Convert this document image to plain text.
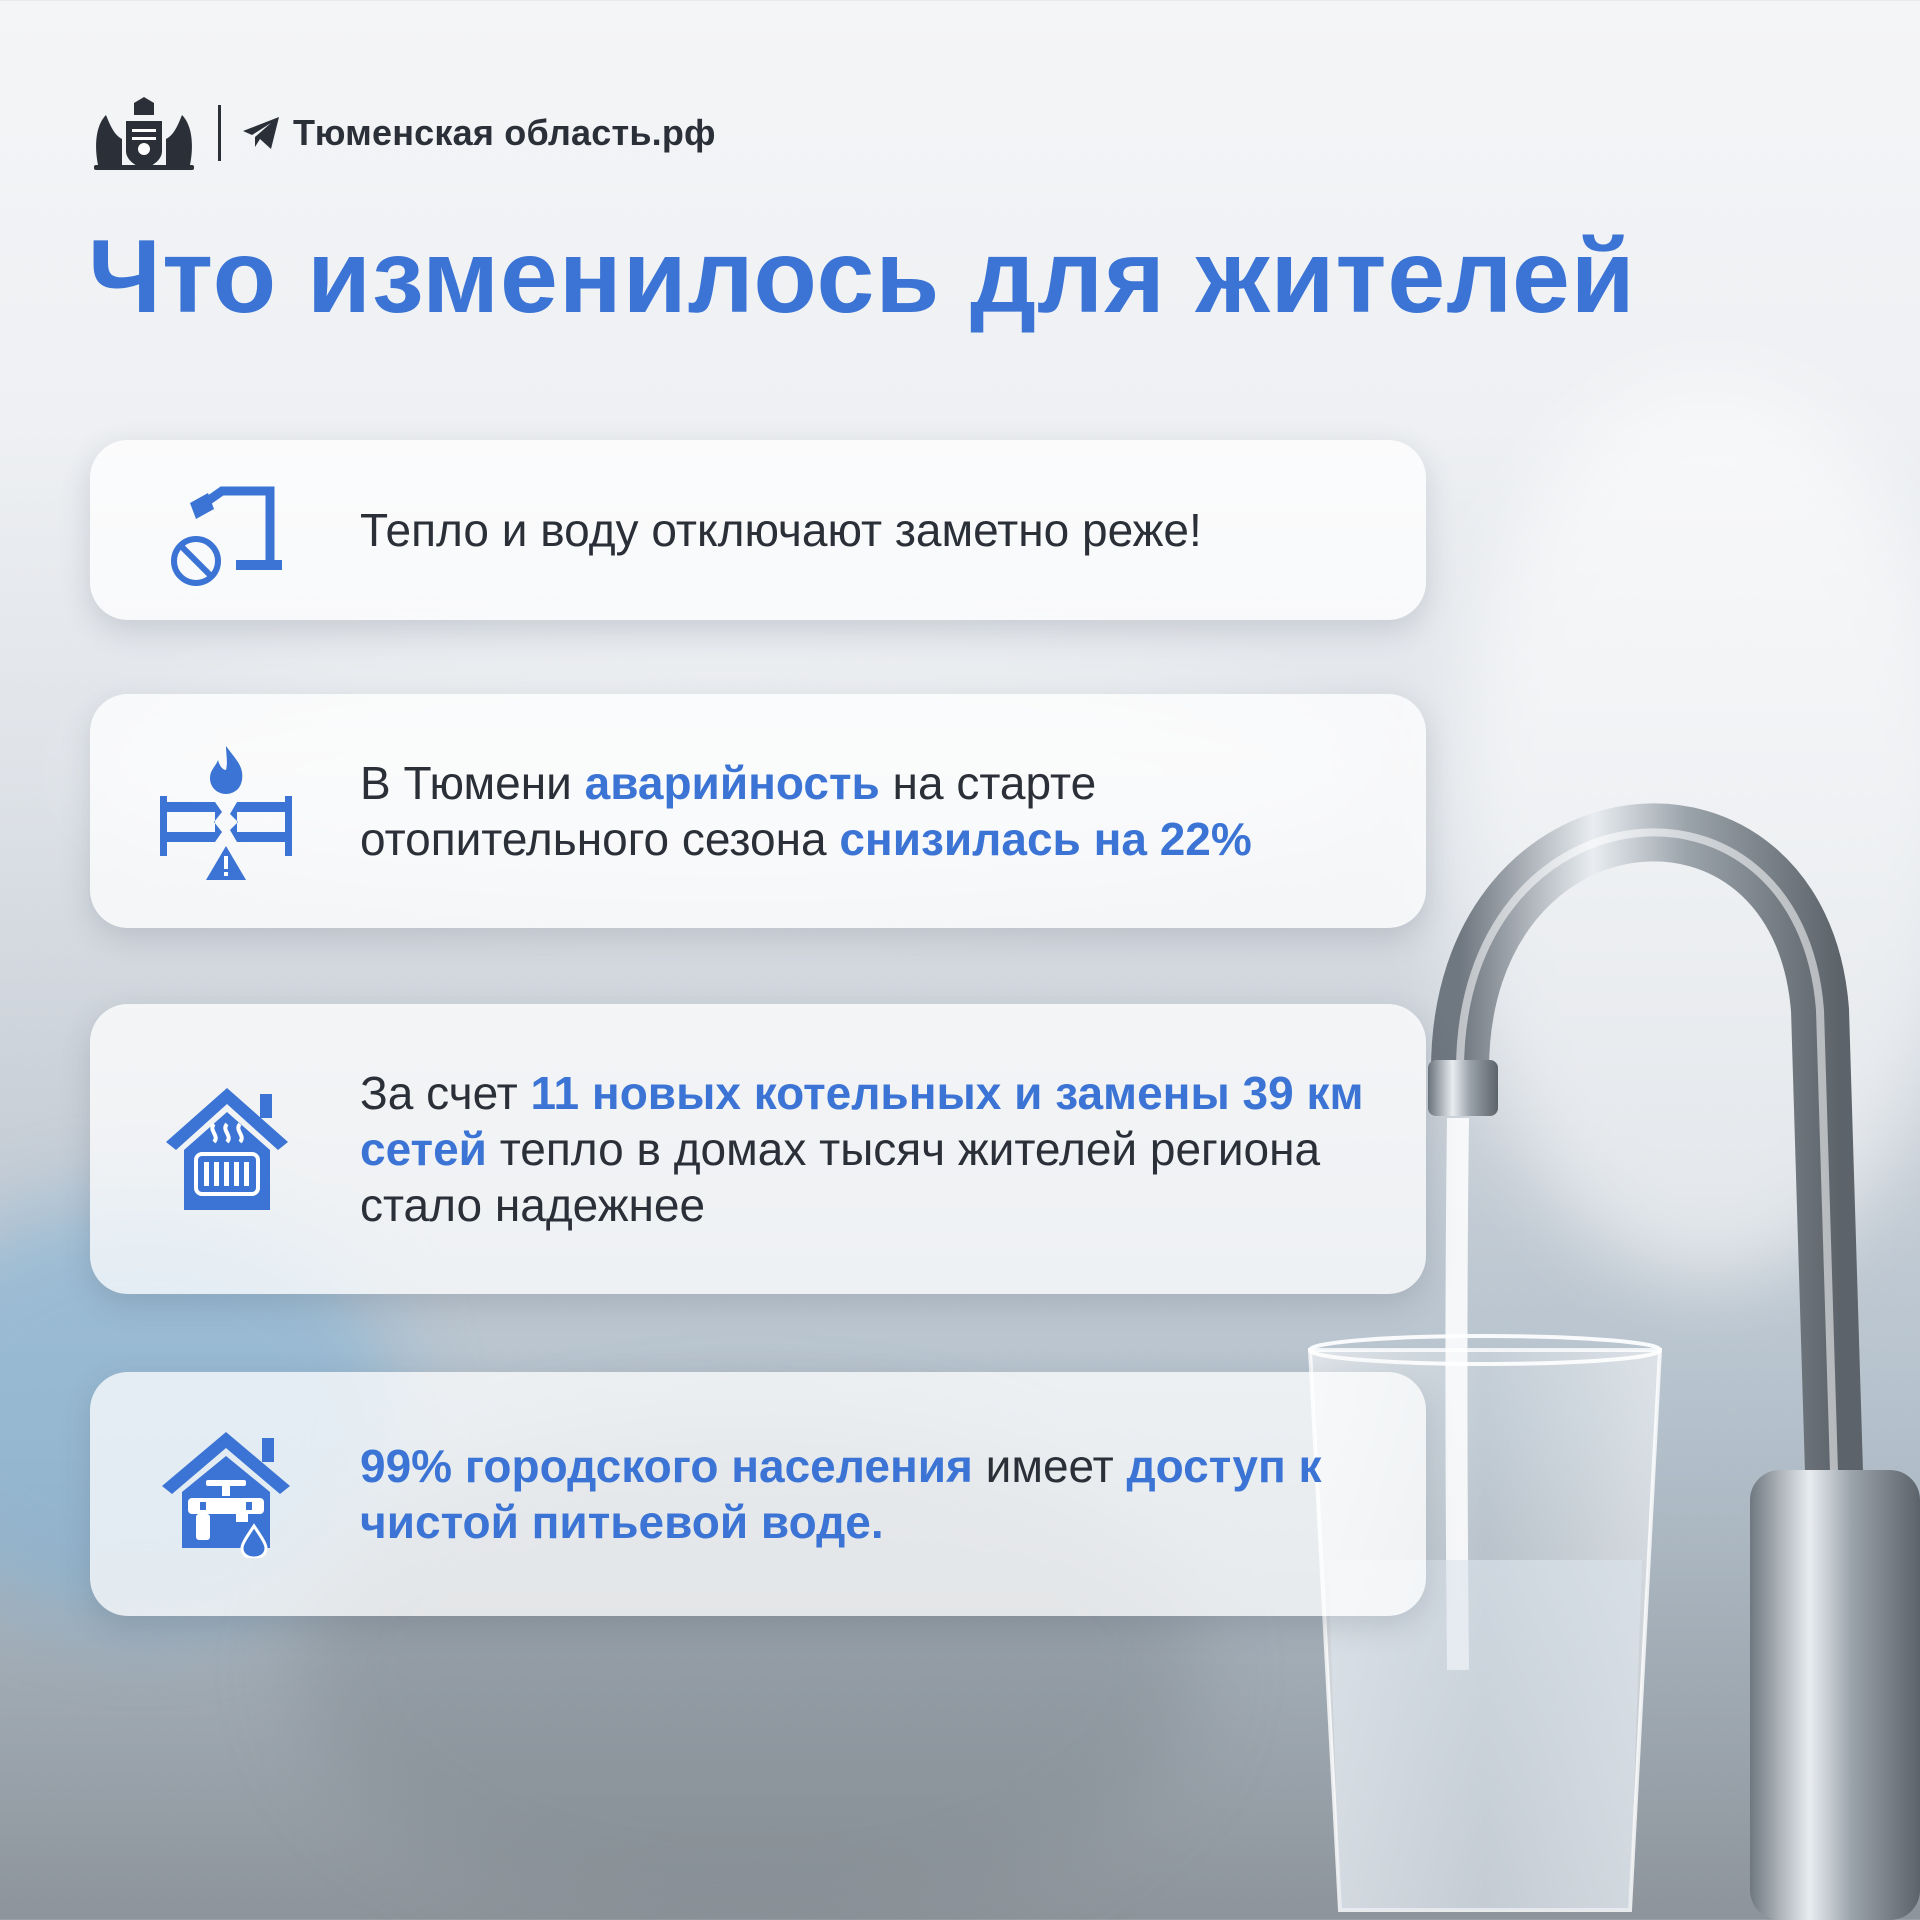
Тюменская область.рф
Что изменилось для жителей
Тепло и воду отключают заметно реже!
В Тюмени аварийность на старте отопительного сезона снизилась на 22%
За счет 11 новых котельных и замены 39 км сетей тепло в домах тысяч жителей региона стало надежнее
99% городского населения имеет доступ к чистой питьевой воде.
